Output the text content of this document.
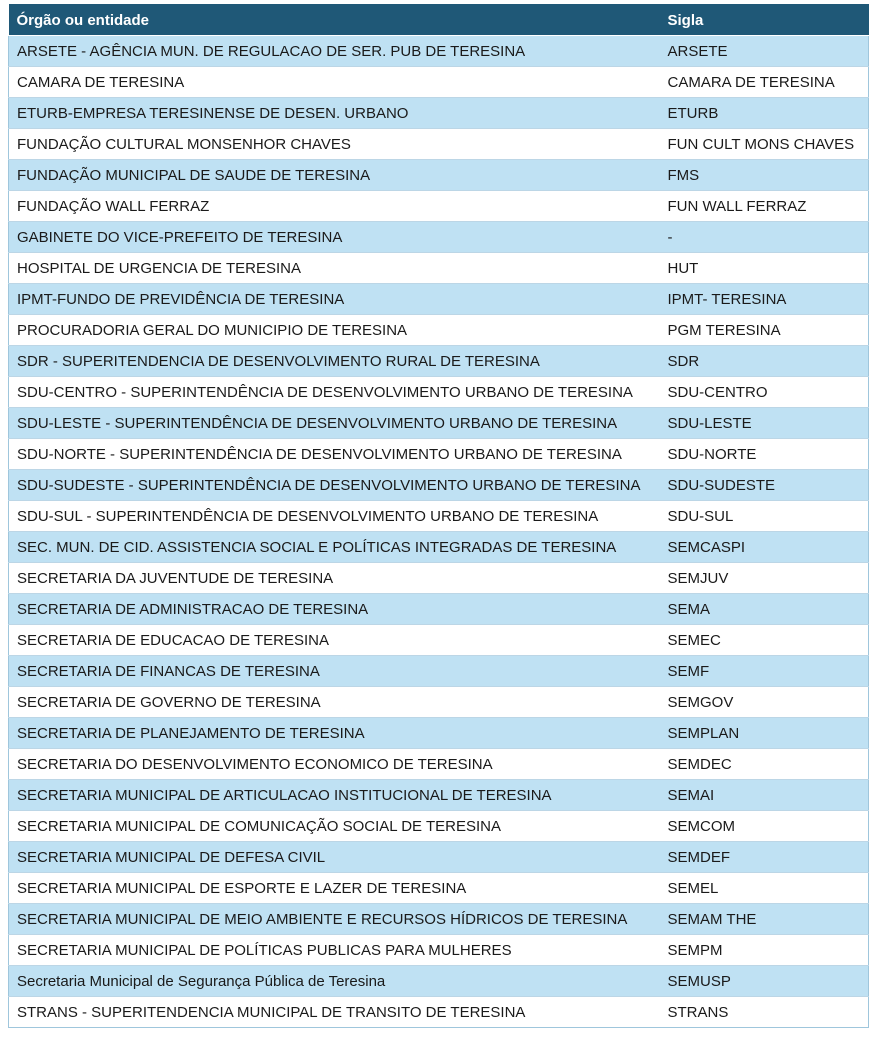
Órgão ou entidade	Sigla
ARSETE - AGÊNCIA MUN. DE REGULACAO DE SER. PUB DE TERESINA	ARSETE
CAMARA DE TERESINA	CAMARA DE TERESINA
ETURB-EMPRESA TERESINENSE DE DESEN. URBANO	ETURB
FUNDAÇÃO CULTURAL MONSENHOR CHAVES	FUN CULT MONS CHAVES
FUNDAÇÃO MUNICIPAL DE SAUDE DE TERESINA	FMS
FUNDAÇÃO WALL FERRAZ	FUN WALL FERRAZ
GABINETE DO VICE-PREFEITO DE TERESINA	-
HOSPITAL DE URGENCIA DE TERESINA	HUT
IPMT-FUNDO DE PREVIDÊNCIA DE TERESINA	IPMT- TERESINA
PROCURADORIA GERAL DO MUNICIPIO DE TERESINA	PGM TERESINA
SDR - SUPERITENDENCIA DE DESENVOLVIMENTO RURAL DE TERESINA	SDR
SDU-CENTRO - SUPERINTENDÊNCIA DE DESENVOLVIMENTO URBANO DE TERESINA	SDU-CENTRO
SDU-LESTE - SUPERINTENDÊNCIA DE DESENVOLVIMENTO URBANO DE TERESINA	SDU-LESTE
SDU-NORTE - SUPERINTENDÊNCIA DE DESENVOLVIMENTO URBANO DE TERESINA	SDU-NORTE
SDU-SUDESTE - SUPERINTENDÊNCIA DE DESENVOLVIMENTO URBANO DE TERESINA	SDU-SUDESTE
SDU-SUL - SUPERINTENDÊNCIA DE DESENVOLVIMENTO URBANO DE TERESINA	SDU-SUL
SEC. MUN. DE CID. ASSISTENCIA SOCIAL E POLÍTICAS INTEGRADAS DE TERESINA	SEMCASPI
SECRETARIA DA JUVENTUDE DE TERESINA	SEMJUV
SECRETARIA DE ADMINISTRACAO DE TERESINA	SEMA
SECRETARIA DE EDUCACAO DE TERESINA	SEMEC
SECRETARIA DE FINANCAS DE TERESINA	SEMF
SECRETARIA DE GOVERNO DE TERESINA	SEMGOV
SECRETARIA DE PLANEJAMENTO DE TERESINA	SEMPLAN
SECRETARIA DO DESENVOLVIMENTO ECONOMICO DE TERESINA	SEMDEC
SECRETARIA MUNICIPAL DE ARTICULACAO INSTITUCIONAL DE TERESINA	SEMAI
SECRETARIA MUNICIPAL DE COMUNICAÇÃO SOCIAL DE TERESINA	SEMCOM
SECRETARIA MUNICIPAL DE DEFESA CIVIL	SEMDEF
SECRETARIA MUNICIPAL DE ESPORTE E LAZER DE TERESINA	SEMEL
SECRETARIA MUNICIPAL DE MEIO AMBIENTE E RECURSOS HÍDRICOS DE TERESINA	SEMAM THE
SECRETARIA MUNICIPAL DE POLÍTICAS PUBLICAS PARA MULHERES	SEMPM
Secretaria Municipal de Segurança Pública de Teresina	SEMUSP
STRANS - SUPERITENDENCIA MUNICIPAL DE TRANSITO DE TERESINA	STRANS
